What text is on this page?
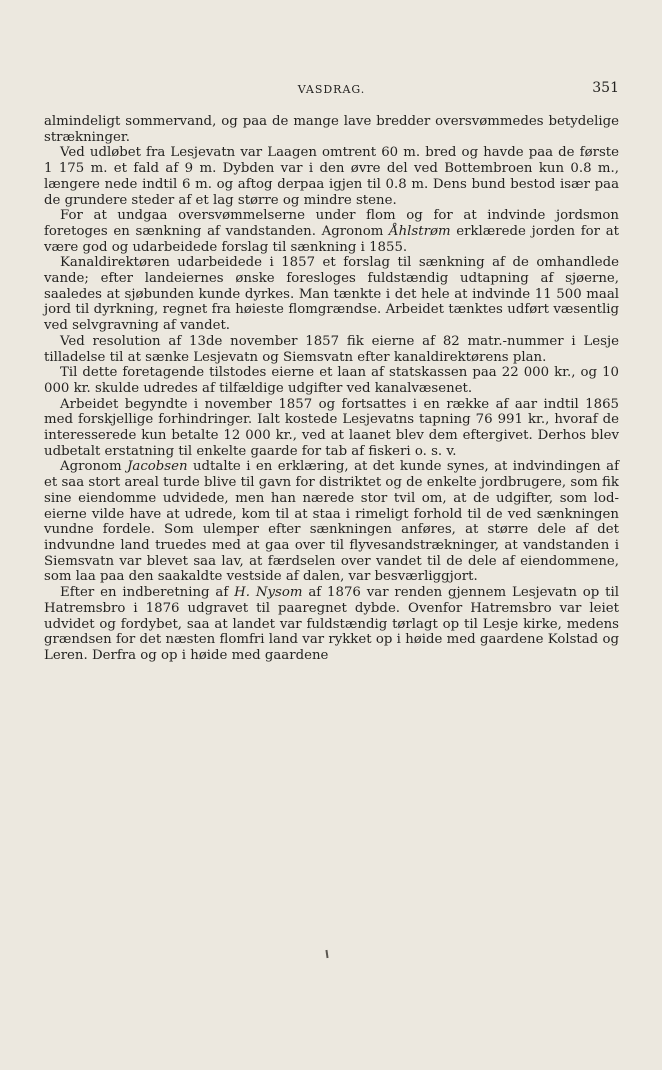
VASDRAG.	351

almindeligt sommervand, og paa de mange lave bredder oversvømmedes betydelige strækninger.

Ved udløbet fra Lesjevatn var Laagen omtrent 60 m. bred og havde paa de første 1 175 m. et fald af 9 m. Dybden var i den øvre del ved Bottembroen kun 0.8 m., længere nede indtil 6 m. og aftog derpaa igjen til 0.8 m. Dens bund bestod især paa de grundere steder af et lag større og mindre stene.

For at undgaa oversvømmelserne under flom og for at indvinde jordsmon foretoges en sænkning af vandstanden. Agronom Åhlstrøm erklærede jorden for at være god og udarbeidede forslag til sænkning i 1855.

Kanaldirektøren udarbeidede i 1857 et forslag til sænkning af de omhandlede vande; efter landeiernes ønske foresloges fuldstændig udtapning af sjøerne, saaledes at sjøbunden kunde dyrkes. Man tænkte i det hele at indvinde 11 500 maal jord til dyrkning, regnet fra høieste flomgrændse. Arbeidet tænktes udført væsentlig ved selvgravning af vandet.

Ved resolution af 13de november 1857 fik eierne af 82 matr.-nummer i Lesje tilladelse til at sænke Lesjevatn og Siemsvatn efter kanaldirektørens plan.

Til dette foretagende tilstodes eierne et laan af statskassen paa 22 000 kr., og 10 000 kr. skulde udredes af tilfældige udgifter ved kanalvæsenet.

Arbeidet begyndte i november 1857 og fortsattes i en række af aar indtil 1865 med forskjellige forhindringer. Ialt kostede Lesjevatns tapning 76 991 kr., hvoraf de interesserede kun betalte 12 000 kr., ved at laanet blev dem eftergivet. Derhos blev udbetalt erstatning til enkelte gaarde for tab af fiskeri o. s. v.

Agronom Jacobsen udtalte i en erklæring, at det kunde synes, at indvindingen af et saa stort areal turde blive til gavn for distriktet og de enkelte jordbrugere, som fik sine eiendomme udvidede, men han nærede stor tvil om, at de udgifter, som lodeierne vilde have at udrede, kom til at staa i rimeligt forhold til de ved sænkningen vundne fordele. Som ulemper efter sænkningen anføres, at større dele af det indvundne land truedes med at gaa over til flyvesandstrækninger, at vandstanden i Siemsvatn var blevet saa lav, at færdselen over vandet til de dele af eiendommene, som laa paa den saakaldte vestside af dalen, var besværliggjort.

Efter en indberetning af H. Nysom af 1876 var renden gjennem Lesjevatn op til Hatremsbro i 1876 udgravet til paaregnet dybde. Ovenfor Hatremsbro var leiet udvidet og fordybet, saa at landet var fuldstændig tørlagt op til Lesje kirke, medens grændsen for det næsten flomfri land var rykket op i høide med gaardene Kolstad og Leren. Derfra og op i høide med gaardene
